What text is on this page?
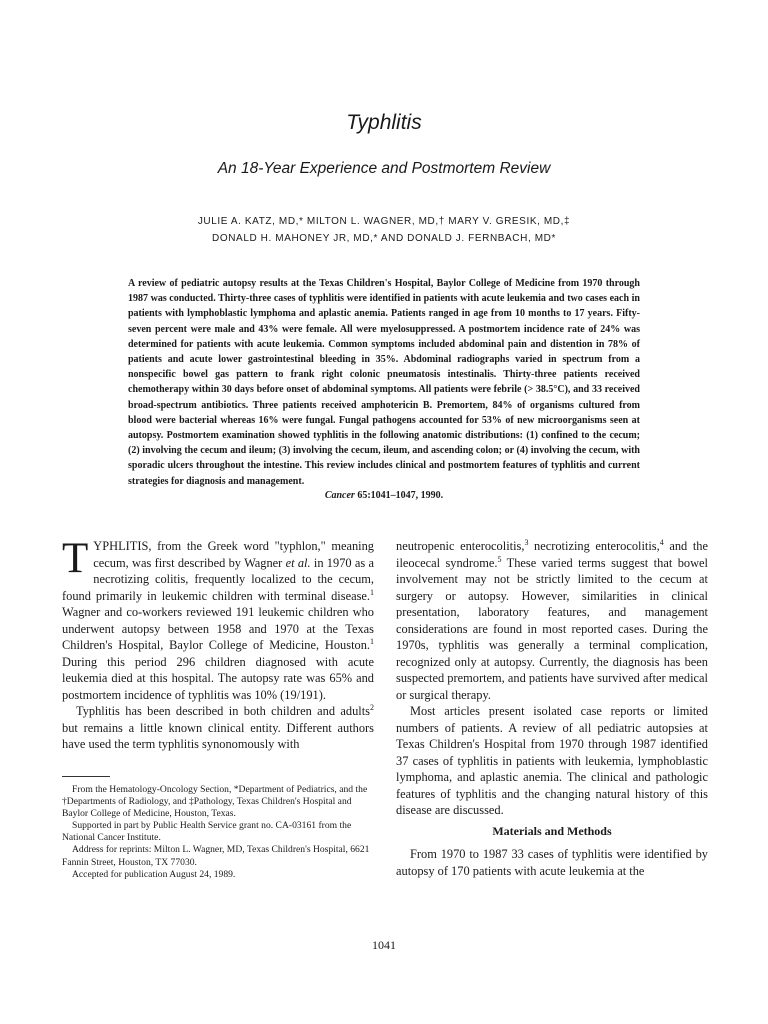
Typhlitis
An 18-Year Experience and Postmortem Review
JULIE A. KATZ, MD,* MILTON L. WAGNER, MD,† MARY V. GRESIK, MD,‡
DONALD H. MAHONEY JR, MD,* AND DONALD J. FERNBACH, MD*

A review of pediatric autopsy results at the Texas Children's Hospital, Baylor College of Medicine from 1970 through 1987 was conducted. Thirty-three cases of typhlitis were identified in patients with acute leukemia and two cases each in patients with lymphoblastic lymphoma and aplastic anemia. Patients ranged in age from 10 months to 17 years. Fifty-seven percent were male and 43% were female. All were myelosuppressed. A postmortem incidence rate of 24% was determined for patients with acute leukemia. Common symptoms included abdominal pain and distention in 78% of patients and acute lower gastrointestinal bleeding in 35%. Abdominal radiographs varied in spectrum from a nonspecific bowel gas pattern to frank right colonic pneumatosis intestinalis. Thirty-three patients received chemotherapy within 30 days before onset of abdominal symptoms. All patients were febrile (> 38.5°C), and 33 received broad-spectrum antibiotics. Three patients received amphotericin B. Premortem, 84% of organisms cultured from blood were bacterial whereas 16% were fungal. Fungal pathogens accounted for 53% of new microorganisms seen at autopsy. Postmortem examination showed typhlitis in the following anatomic distributions: (1) confined to the cecum; (2) involving the cecum and ileum; (3) involving the cecum, ileum, and ascending colon; or (4) involving the cecum, with sporadic ulcers throughout the intestine. This review includes clinical and postmortem features of typhlitis and current strategies for diagnosis and management.

Cancer 65:1041–1047, 1990.

TYPHLITIS, from the Greek word "typhlon," meaning cecum, was first described by Wagner et al. in 1970 as a necrotizing colitis, frequently localized to the cecum, found primarily in leukemic children with terminal disease.$^1$ Wagner and co-workers reviewed 191 leukemic children who underwent autopsy between 1958 and 1970 at the Texas Children's Hospital, Baylor College of Medicine, Houston.$^1$ During this period 296 children diagnosed with acute leukemia died at this hospital. The autopsy rate was 65% and postmortem incidence of typhlitis was 10% (19/191).

Typhlitis has been described in both children and adults$^2$ but remains a little known clinical entity. Different authors have used the term typhlitis synonomously with

From the Hematology-Oncology Section, *Department of Pediatrics, and the †Departments of Radiology, and ‡Pathology, Texas Children's Hospital and Baylor College of Medicine, Houston, Texas.

Supported in part by Public Health Service grant no. CA-03161 from the National Cancer Institute.

Address for reprints: Milton L. Wagner, MD, Texas Children's Hospital, 6621 Fannin Street, Houston, TX 77030.

Accepted for publication August 24, 1989.

neutropenic enterocolitis,$^3$ necrotizing enterocolitis,$^4$ and the ileocecal syndrome.$^5$ These varied terms suggest that bowel involvement may not be strictly limited to the cecum at surgery or autopsy. However, similarities in clinical presentation, laboratory features, and management considerations are found in most reported cases. During the 1970s, typhlitis was generally a terminal complication, recognized only at autopsy. Currently, the diagnosis has been suspected premortem, and patients have survived after medical or surgical therapy.

Most articles present isolated case reports or limited numbers of patients. A review of all pediatric autopsies at Texas Children's Hospital from 1970 through 1987 identified 37 cases of typhlitis in patients with leukemia, lymphoblastic lymphoma, and aplastic anemia. The clinical and pathologic features of typhlitis and the changing natural history of this disease are discussed.

Materials and Methods

From 1970 to 1987 33 cases of typhlitis were identified by autopsy of 170 patients with acute leukemia at the

1041
